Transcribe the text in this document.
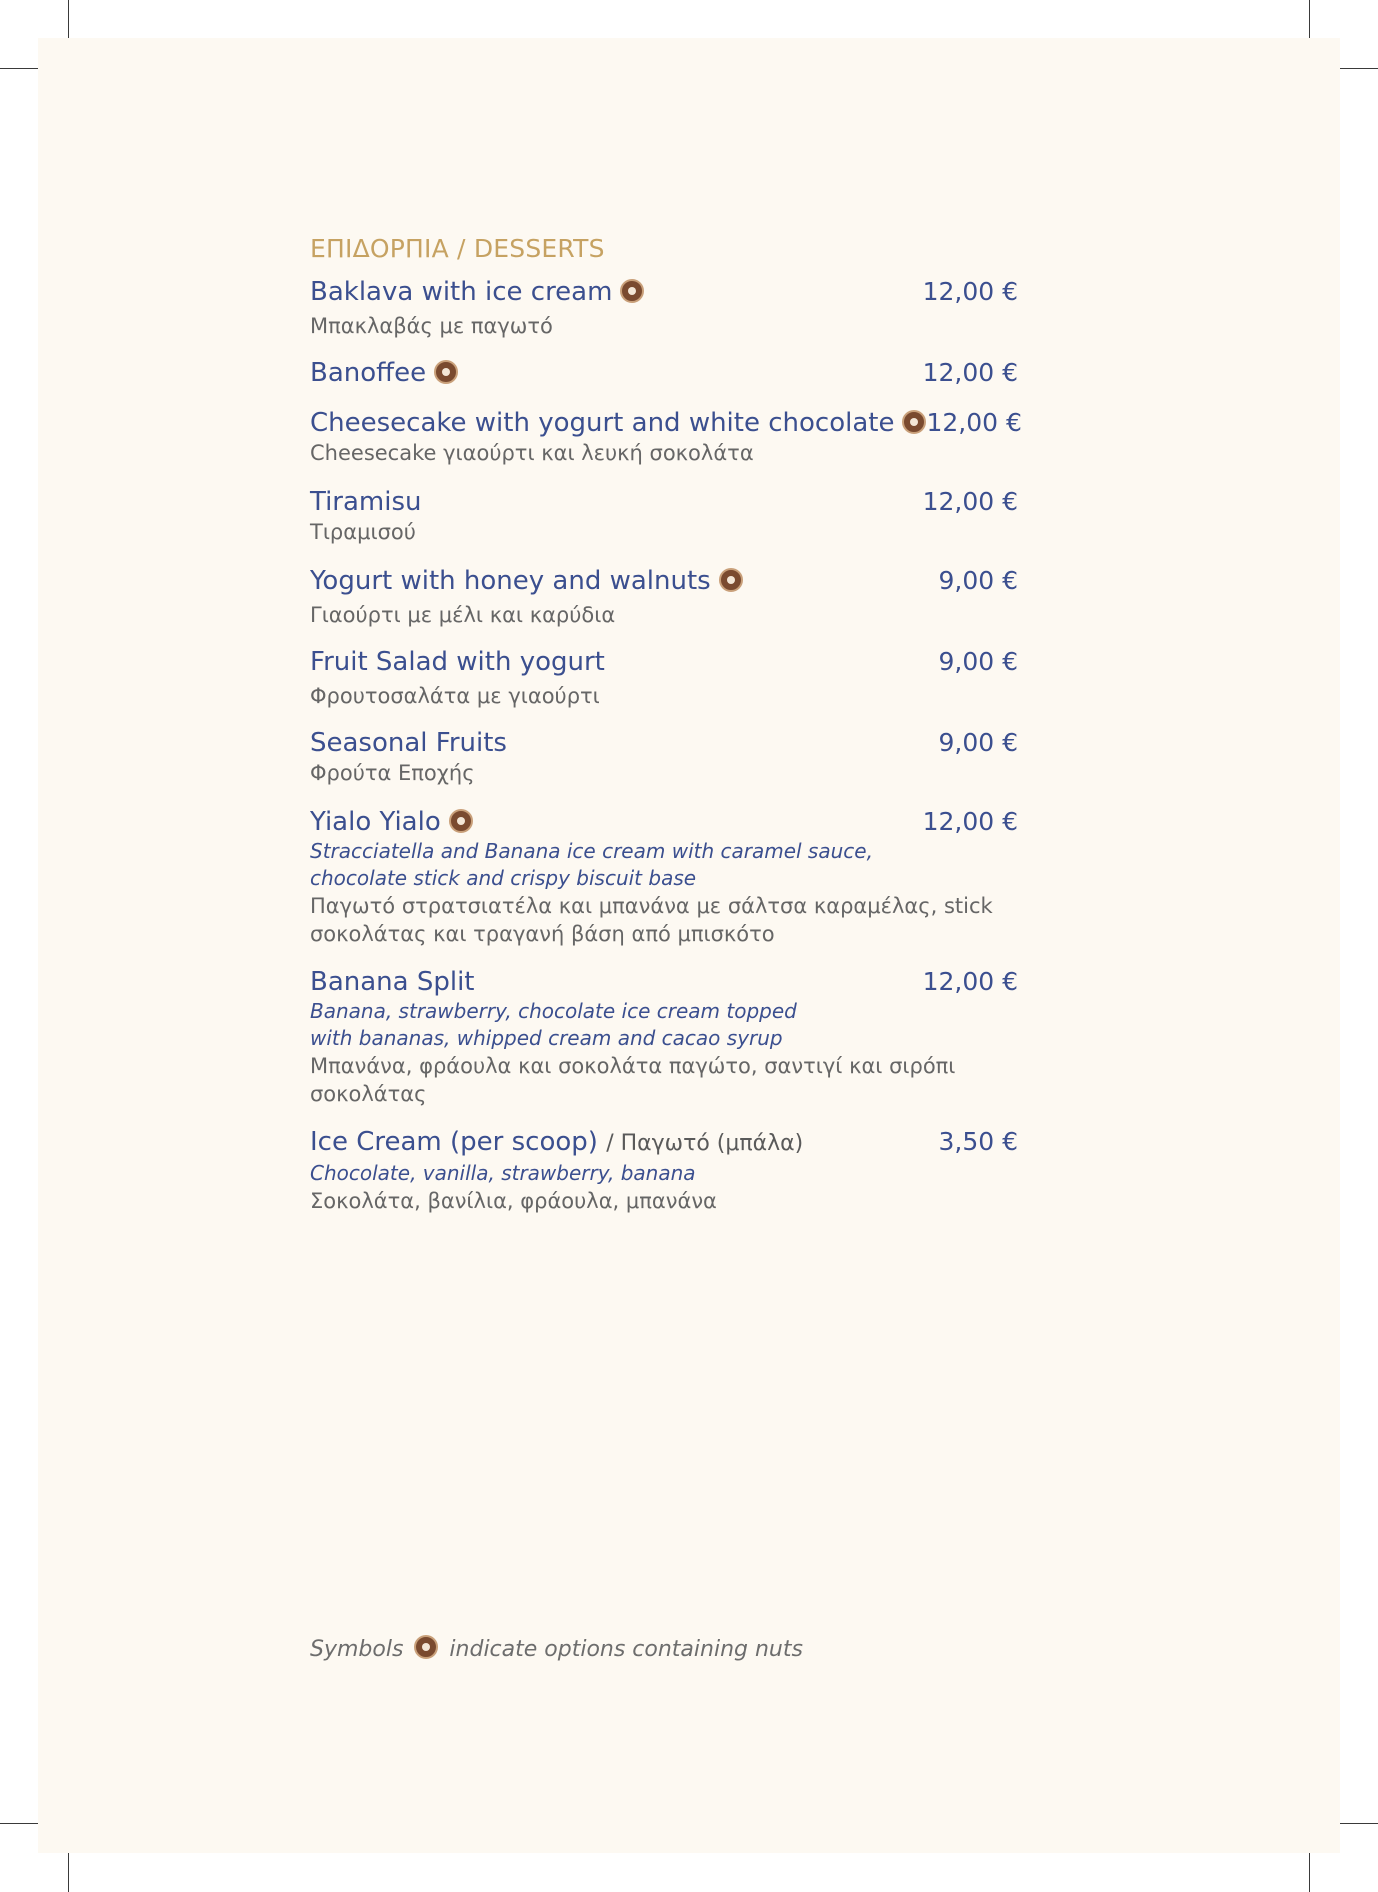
ΕΠΙΔΟΡΠΙΑ / DESSERTS
Baklava with ice cream	12,00 €
Μπακλαβάς με παγωτό
Banoffee	12,00 €
Cheesecake with yogurt and white chocolate	12,00 €
Cheesecake γιαούρτι και λευκή σοκολάτα
Tiramisu	12,00 €
Τιραμισού
Yogurt with honey and walnuts	9,00 €
Γιαούρτι με μέλι και καρύδια
Fruit Salad with yogurt	9,00 €
Φρουτοσαλάτα με γιαούρτι
Seasonal Fruits	9,00 €
Φρούτα Εποχής
Yialo Yialo	12,00 €
Stracciatella and Banana ice cream with caramel sauce,
chocolate stick and crispy biscuit base
Παγωτό στρατσιατέλα και μπανάνα με σάλτσα καραμέλας, stick
σοκολάτας και τραγανή βάση από μπισκότο
Banana Split	12,00 €
Banana, strawberry, chocolate ice cream topped
with bananas, whipped cream and cacao syrup
Μπανάνα, φράουλα και σοκολάτα παγώτο, σαντιγί και σιρόπι
σοκολάτας
Ice Cream (per scoop) / Παγωτό (μπάλα)	3,50 €
Chocolate, vanilla, strawberry, banana
Σοκολάτα, βανίλια, φράουλα, μπανάνα
Symbols indicate options containing nuts
